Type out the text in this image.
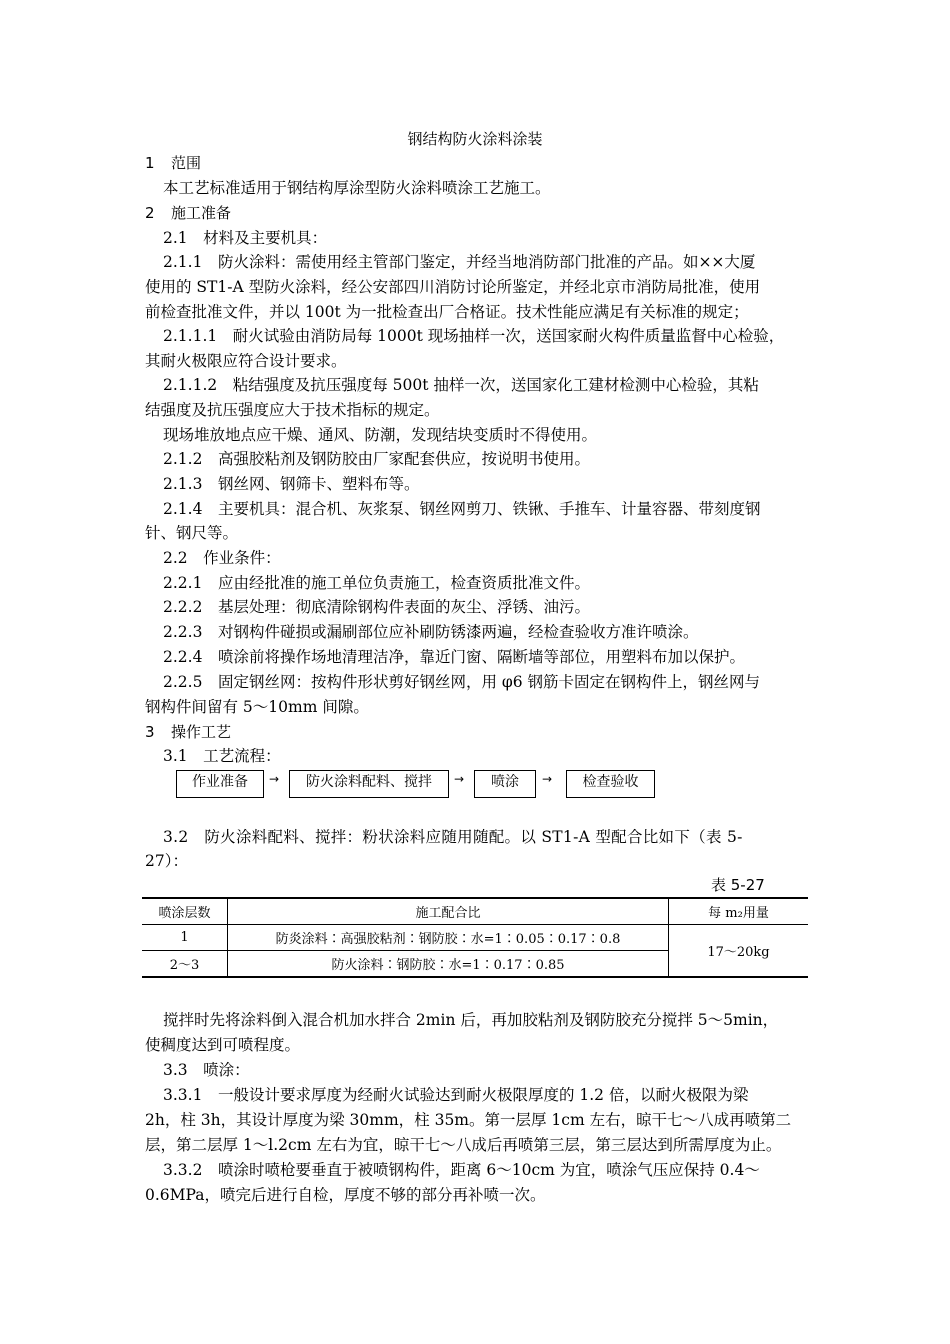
钢结构防火涂料涂装
1 范围
本工艺标准适用于钢结构厚涂型防火涂料喷涂工艺施工。
2 施工准备
2.1　材料及主要机具：
2.1.1　防火涂料：需使用经主管部门鉴定，并经当地消防部门批准的产品。如××大厦
使用的 ST1-A 型防火涂料，经公安部四川消防讨论所鉴定，并经北京市消防局批准，使用
前检查批准文件，并以 100t 为一批检查出厂合格证。技术性能应满足有关标准的规定；
2.1.1.1　耐火试验由消防局每 1000t 现场抽样一次，送国家耐火构件质量监督中心检验，
其耐火极限应符合设计要求。
2.1.1.2　粘结强度及抗压强度每 500t 抽样一次，送国家化工建材检测中心检验，其粘
结强度及抗压强度应大于技术指标的规定。
现场堆放地点应干燥、通风、防潮，发现结块变质时不得使用。
2.1.2　高强胶粘剂及钢防胶由厂家配套供应，按说明书使用。
2.1.3　钢丝网、钢筛卡、塑料布等。
2.1.4　主要机具：混合机、灰浆泵、钢丝网剪刀、铁锹、手推车、计量容器、带刻度钢
针、钢尺等。
2.2　作业条件：
2.2.1　应由经批准的施工单位负责施工，检查资质批准文件。
2.2.2　基层处理：彻底清除钢构件表面的灰尘、浮锈、油污。
2.2.3　对钢构件碰损或漏刷部位应补刷防锈漆两遍，经检查验收方准许喷涂。
2.2.4　喷涂前将操作场地清理洁净，靠近门窗、隔断墙等部位，用塑料布加以保护。
2.2.5　固定钢丝网：按构件形状剪好钢丝网，用 φ6 钢筋卡固定在钢构件上，钢丝网与
钢构件间留有 5～10mm 间隙。
3 操作工艺
3.1　工艺流程：
作业准备	→	防火涂料配料、搅拌	→	喷涂	→	检查验收
3.2　防火涂料配料、搅拌：粉状涂料应随用随配。以 ST1-A 型配合比如下（表 5-
27）：
表 5-27
喷涂层数	施工配合比	每 m₂用量
1	防炎涂料∶高强胶粘剂∶钢防胶∶水=1∶0.05∶0.17∶0.8	17～20kg
2～3	防火涂料∶钢防胶∶水=1∶0.17∶0.85	
搅拌时先将涂料倒入混合机加水拌合 2min 后，再加胶粘剂及钢防胶充分搅拌 5～5min，
使稠度达到可喷程度。
3.3　喷涂：
3.3.1　一般设计要求厚度为经耐火试验达到耐火极限厚度的 1.2 倍，以耐火极限为梁
2h，柱 3h，其设计厚度为梁 30mm，柱 35m。第一层厚 1cm 左右，晾干七～八成再喷第二
层，第二层厚 1～l.2cm 左右为宜，晾干七～八成后再喷第三层，第三层达到所需厚度为止。
3.3.2　喷涂时喷枪要垂直于被喷钢构件，距离 6～10cm 为宜，喷涂气压应保持 0.4～
0.6MPa，喷完后进行自检，厚度不够的部分再补喷一次。
